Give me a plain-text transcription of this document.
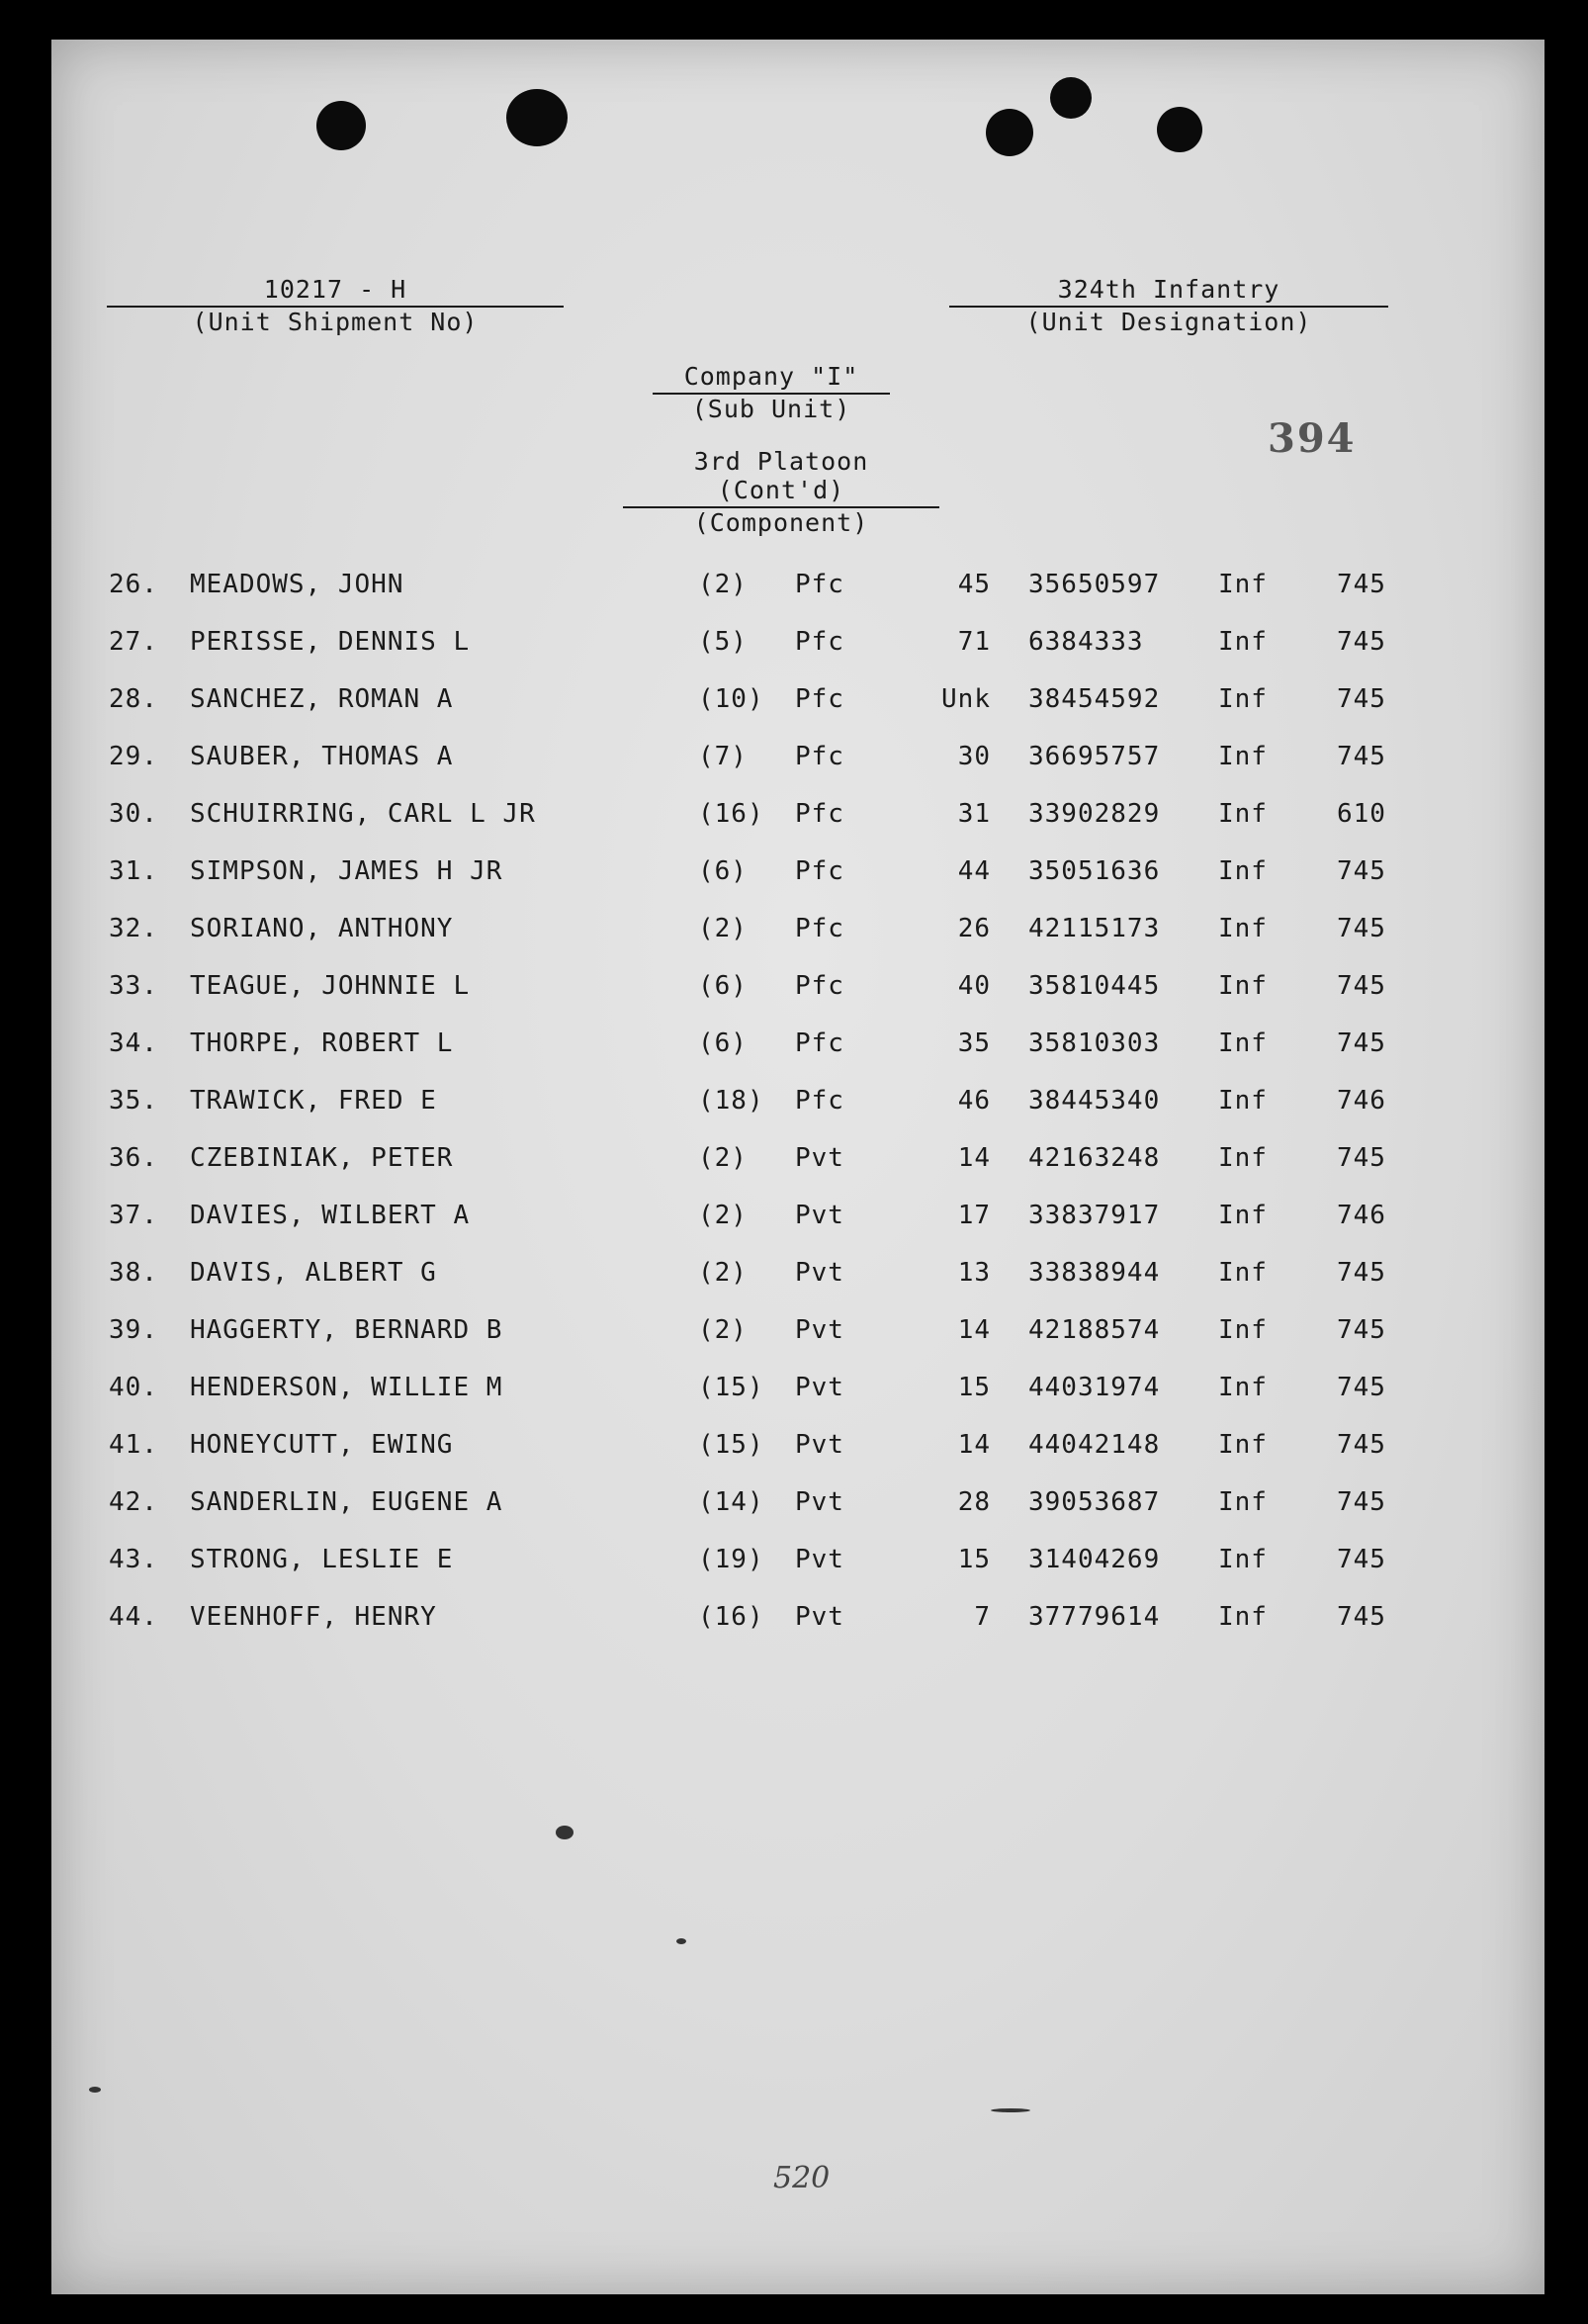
10217 - H
(Unit Shipment No)
324th Infantry
(Unit Designation)
Company "I"
(Sub Unit)
3rd Platoon (Cont'd)
(Component)
394
26. MEADOWS, JOHN	(2) Pfc	45 35650597 Inf	745
27. PERISSE, DENNIS L	(5) Pfc	71 6384333	Inf	745
28. SANCHEZ, ROMAN A	(10) Pfc	Unk 38454592 Inf	745
29. SAUBER, THOMAS A	(7) Pfc	30 36695757 Inf	745
30. SCHUIRRING, CARL L JR	(16) Pfc	31 33902829 Inf	610
31. SIMPSON, JAMES H JR	(6) Pfc	44 35051636 Inf	745
32. SORIANO, ANTHONY	(2) Pfc	26 42115173 Inf	745
33. TEAGUE, JOHNNIE L	(6) Pfc	40 35810445 Inf	745
34. THORPE, ROBERT L	(6) Pfc	35 35810303 Inf	745
35. TRAWICK, FRED E	(18) Pfc	46 38445340 Inf	746
36. CZEBINIAK, PETER	(2) Pvt	14 42163248 Inf	745
37. DAVIES, WILBERT A	(2) Pvt	17 33837917 Inf	746
38. DAVIS, ALBERT G	(2) Pvt	13 33838944 Inf	745
39. HAGGERTY, BERNARD B	(2) Pvt	14 42188574 Inf	745
40. HENDERSON, WILLIE M	(15) Pvt	15 44031974 Inf	745
41. HONEYCUTT, EWING	(15) Pvt	14 44042148 Inf	745
42. SANDERLIN, EUGENE A	(14) Pvt	28 39053687 Inf	745
43. STRONG, LESLIE E	(19) Pvt	15 31404269 Inf	745
44. VEENHOFF, HENRY	(16) Pvt	7 37779614 Inf	745
520
